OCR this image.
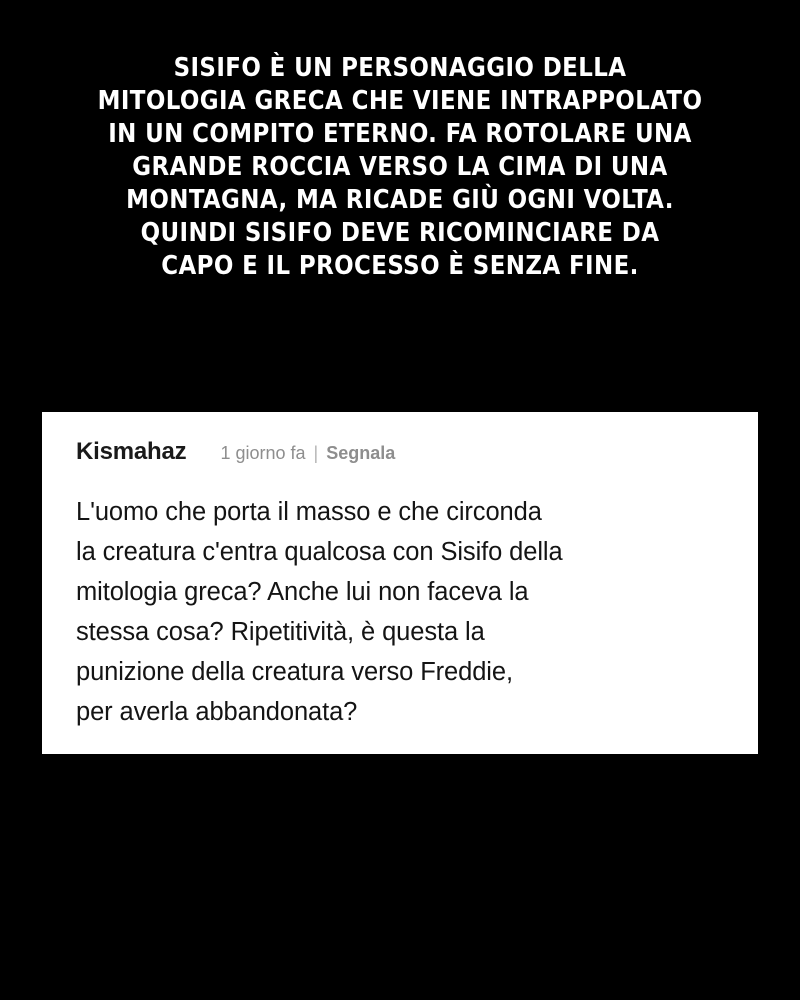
SISIFO È UN PERSONAGGIO DELLA
MITOLOGIA GRECA CHE VIENE INTRAPPOLATO
IN UN COMPITO ETERNO. FA ROTOLARE UNA
GRANDE ROCCIA VERSO LA CIMA DI UNA
MONTAGNA, MA RICADE GIÙ OGNI VOLTA.
QUINDI SISIFO DEVE RICOMINCIARE DA
CAPO E IL PROCESSO È SENZA FINE.
Kismahaz 1 giorno fa | Segnala
L'uomo che porta il masso e che circonda
la creatura c'entra qualcosa con Sisifo della
mitologia greca? Anche lui non faceva la
stessa cosa? Ripetitività, è questa la
punizione della creatura verso Freddie,
per averla abbandonata?
